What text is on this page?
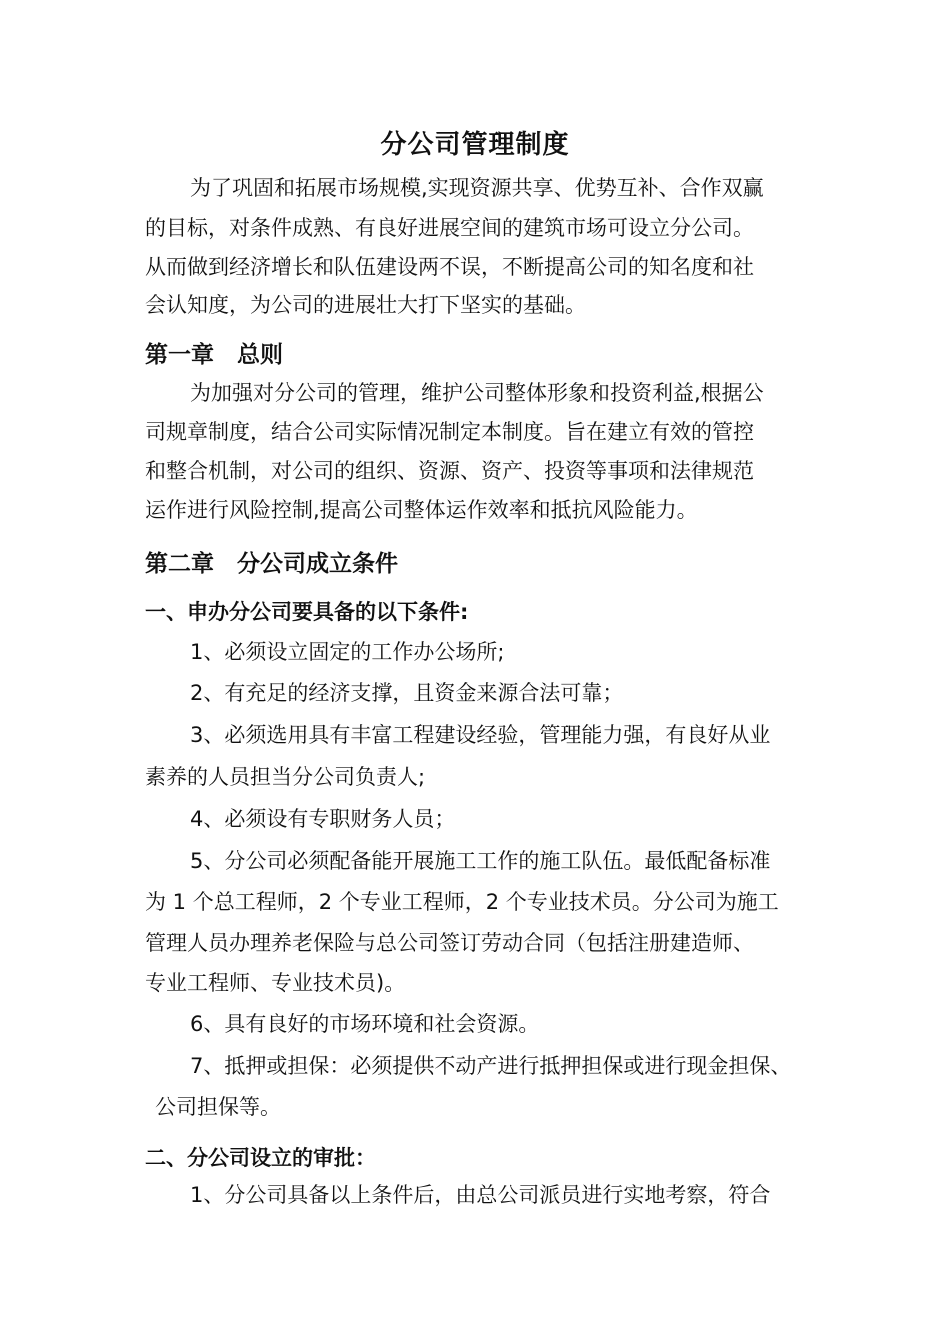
分公司管理制度
为了巩固和拓展市场规模,实现资源共享、优势互补、合作双赢
的目标，对条件成熟、有良好进展空间的建筑市场可设立分公司。
从而做到经济增长和队伍建设两不误，不断提高公司的知名度和社
会认知度，为公司的进展壮大打下坚实的基础。
第一章　总则
为加强对分公司的管理，维护公司整体形象和投资利益,根据公
司规章制度，结合公司实际情况制定本制度。旨在建立有效的管控
和整合机制，对公司的组织、资源、资产、投资等事项和法律规范
运作进行风险控制,提高公司整体运作效率和抵抗风险能力。
第二章　分公司成立条件
一、申办分公司要具备的以下条件:
1、必须设立固定的工作办公场所;
2、有充足的经济支撑，且资金来源合法可靠；
3、必须选用具有丰富工程建设经验，管理能力强，有良好从业
素养的人员担当分公司负责人;
4、必须设有专职财务人员；
5、分公司必须配备能开展施工工作的施工队伍。最低配备标准
为 1 个总工程师，2 个专业工程师，2 个专业技术员。分公司为施工
管理人员办理养老保险与总公司签订劳动合同（包括注册建造师、
专业工程师、专业技术员)。
6、具有良好的市场环境和社会资源。
7、抵押或担保：必须提供不动产进行抵押担保或进行现金担保、
公司担保等。
二、分公司设立的审批：
1、分公司具备以上条件后，由总公司派员进行实地考察，符合
